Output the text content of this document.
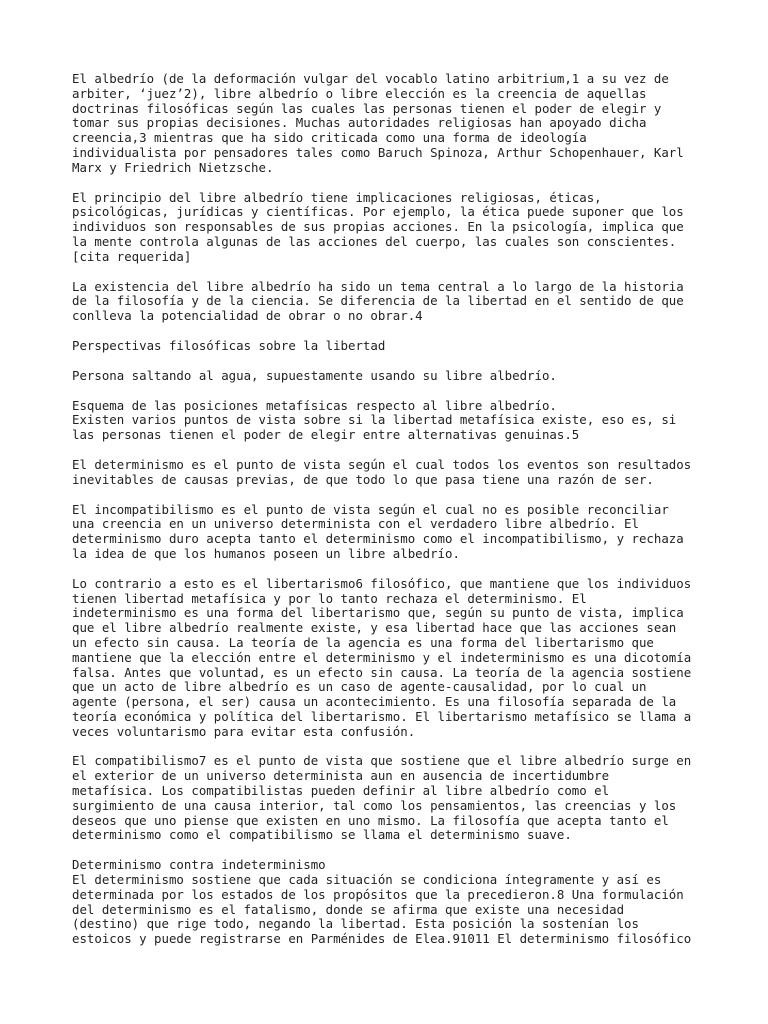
El albedrío (de la deformación vulgar del vocablo latino arbitrium,1 a su vez de
arbiter, ‘juez’2), libre albedrío o libre elección es la creencia de aquellas
doctrinas filosóficas según las cuales las personas tienen el poder de elegir y
tomar sus propias decisiones. Muchas autoridades religiosas han apoyado dicha
creencia,3 mientras que ha sido criticada como una forma de ideología
individualista por pensadores tales como Baruch Spinoza, Arthur Schopenhauer, Karl
Marx y Friedrich Nietzsche.

El principio del libre albedrío tiene implicaciones religiosas, éticas,
psicológicas, jurídicas y científicas. Por ejemplo, la ética puede suponer que los
individuos son responsables de sus propias acciones. En la psicología, implica que
la mente controla algunas de las acciones del cuerpo, las cuales son conscientes.
[cita requerida]

La existencia del libre albedrío ha sido un tema central a lo largo de la historia
de la filosofía y de la ciencia. Se diferencia de la libertad en el sentido de que
conlleva la potencialidad de obrar o no obrar.4

Perspectivas filosóficas sobre la libertad

Persona saltando al agua, supuestamente usando su libre albedrío.

Esquema de las posiciones metafísicas respecto al libre albedrío.
Existen varios puntos de vista sobre si la libertad metafísica existe, eso es, si
las personas tienen el poder de elegir entre alternativas genuinas.5

El determinismo es el punto de vista según el cual todos los eventos son resultados
inevitables de causas previas, de que todo lo que pasa tiene una razón de ser.

El incompatibilismo es el punto de vista según el cual no es posible reconciliar
una creencia en un universo determinista con el verdadero libre albedrío. El
determinismo duro acepta tanto el determinismo como el incompatibilismo, y rechaza
la idea de que los humanos poseen un libre albedrío.

Lo contrario a esto es el libertarismo6 filosófico, que mantiene que los individuos
tienen libertad metafísica y por lo tanto rechaza el determinismo. El
indeterminismo es una forma del libertarismo que, según su punto de vista, implica
que el libre albedrío realmente existe, y esa libertad hace que las acciones sean
un efecto sin causa. La teoría de la agencia es una forma del libertarismo que
mantiene que la elección entre el determinismo y el indeterminismo es una dicotomía
falsa. Antes que voluntad, es un efecto sin causa. La teoría de la agencia sostiene
que un acto de libre albedrío es un caso de agente-causalidad, por lo cual un
agente (persona, el ser) causa un acontecimiento. Es una filosofía separada de la
teoría económica y política del libertarismo. El libertarismo metafísico se llama a
veces voluntarismo para evitar esta confusión.

El compatibilismo7 es el punto de vista que sostiene que el libre albedrío surge en
el exterior de un universo determinista aun en ausencia de incertidumbre
metafísica. Los compatibilistas pueden definir al libre albedrío como el
surgimiento de una causa interior, tal como los pensamientos, las creencias y los
deseos que uno piense que existen en uno mismo. La filosofía que acepta tanto el
determinismo como el compatibilismo se llama el determinismo suave.

Determinismo contra indeterminismo
El determinismo sostiene que cada situación se condiciona íntegramente y así es
determinada por los estados de los propósitos que la precedieron.8 Una formulación
del determinismo es el fatalismo, donde se afirma que existe una necesidad
(destino) que rige todo, negando la libertad. Esta posición la sostenían los
estoicos y puede registrarse en Parménides de Elea.91011 El determinismo filosófico
